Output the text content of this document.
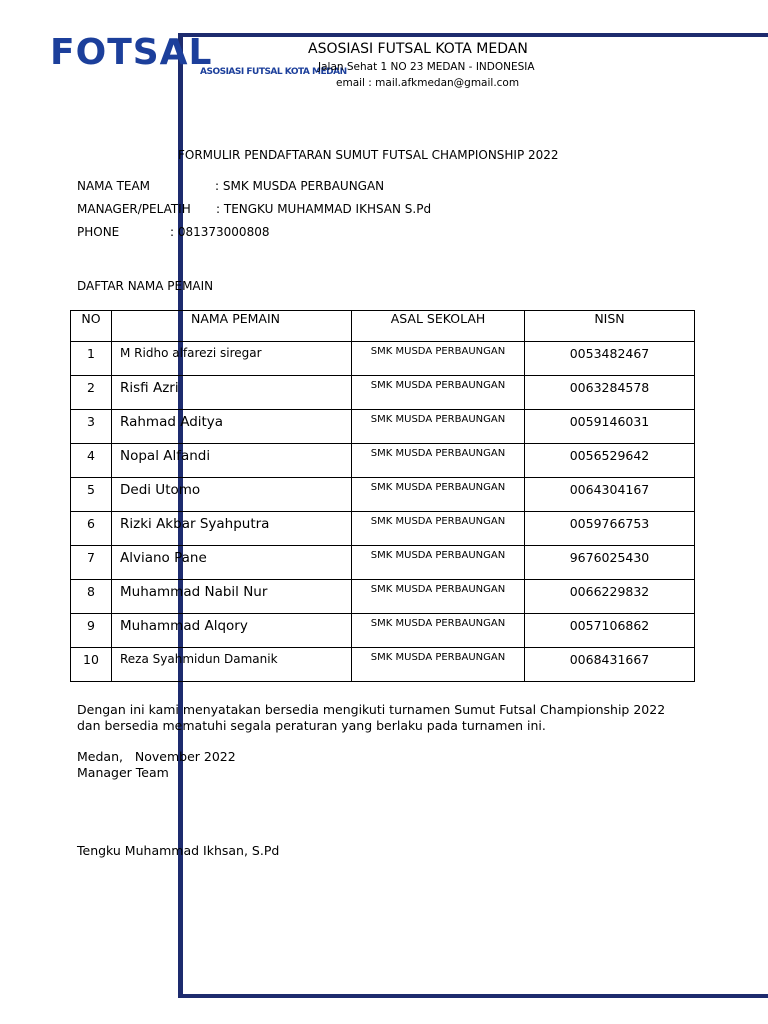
FOTSAL
ASOSIASI FUTSAL KOTA MEDAN
ASOSIASI FUTSAL KOTA MEDAN
Jalan Sehat 1 NO 23 MEDAN - INDONESIA
email : mail.afkmedan@gmail.com
FORMULIR PENDAFTARAN SUMUT FUTSAL CHAMPIONSHIP 2022
NAMA TEAM	: SMK MUSDA PERBAUNGAN
MANAGER/PELATIH : TENGKU MUHAMMAD IKHSAN S.Pd
PHONE	: 081373000808
DAFTAR NAMA PEMAIN
NO	NAMA PEMAIN	ASAL SEKOLAH	NISN

1	M Ridho alfarezi siregar	SMK MUSDA PERBAUNGAN	0053482467

2	Risfi Azri	SMK MUSDA PERBAUNGAN	0063284578

3	Rahmad Aditya	SMK MUSDA PERBAUNGAN	0059146031

4	Nopal Alfandi	SMK MUSDA PERBAUNGAN	0056529642

5	Dedi Utomo	SMK MUSDA PERBAUNGAN	0064304167

6	Rizki Akbar Syahputra	SMK MUSDA PERBAUNGAN	0059766753

7	Alviano Pane	SMK MUSDA PERBAUNGAN	9676025430

8	Muhammad Nabil Nur	SMK MUSDA PERBAUNGAN	0066229832

9	Muhammad Alqory	SMK MUSDA PERBAUNGAN	0057106862

10	Reza Syahmidun Damanik	SMK MUSDA PERBAUNGAN	0068431667
Dengan ini kami menyatakan bersedia mengikuti turnamen Sumut Futsal Championship 2022
dan bersedia mematuhi segala peraturan yang berlaku pada turnamen ini.
Medan,   November 2022
Manager Team
Tengku Muhammad Ikhsan, S.Pd
